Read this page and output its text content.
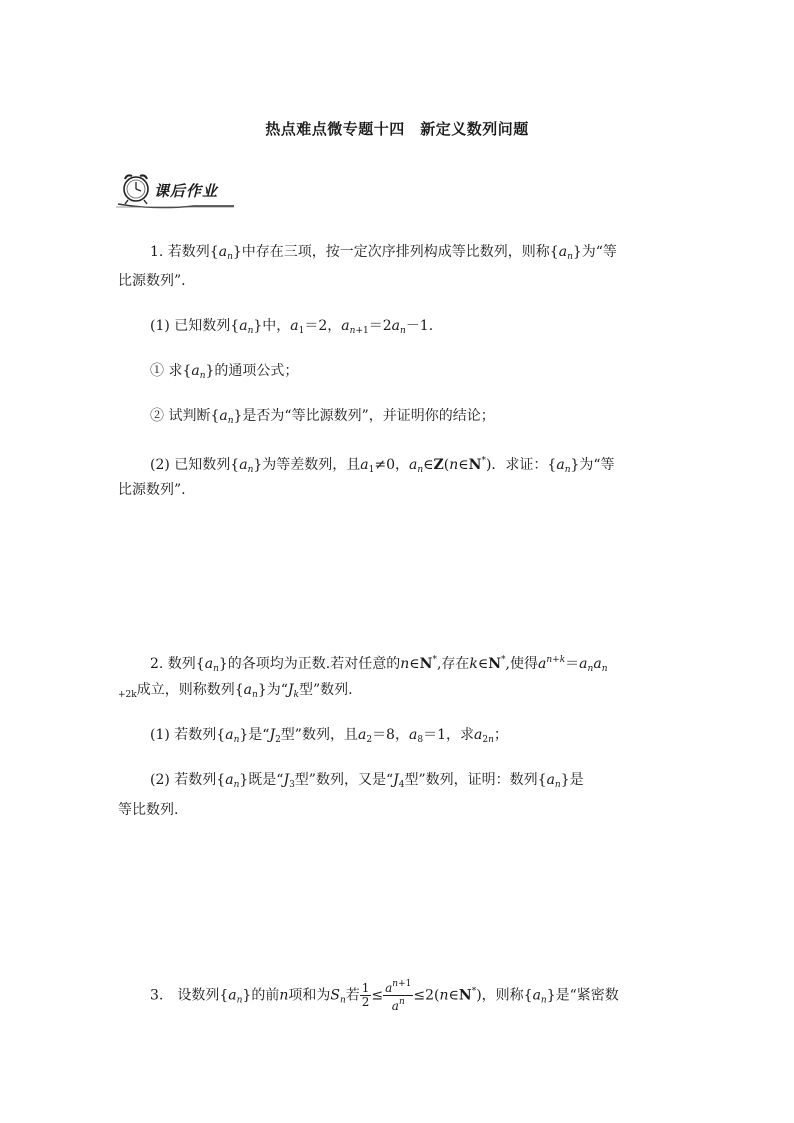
热点难点微专题十四　新定义数列问题
课后作业
1. 若数列$\{a_n\}$中存在三项，按一定次序排列构成等比数列，则称$\{a_n\}$为“等
比源数列”.
(1) 已知数列$\{a_n\}$中，$a_1=2$，$a_{n+1}=2a_n-1$.
① 求$\{a_n\}$的通项公式；
② 试判断$\{a_n\}$是否为“等比源数列”，并证明你的结论；
(2) 已知数列$\{a_n\}$为等差数列，且$a_1\ne 0$，$a_n\in Z(n\in N^*)$．求证：$\{a_n\}$为“等
比源数列”.
2. 数列$\{a_n\}$的各项均为正数.若对任意的n∈N*,存在k∈N*,使得$a^{n+k}=a_na_n$
$_{+2k}$成立，则称数列$\{a_n\}$为“$J_k$型”数列.
(1) 若数列$\{a_n\}$是“$J_2$型”数列，且$a_2=8$，$a_8=1$，求$a_{2n}$；
(2) 若数列$\{a_n\}$既是“$J_3$型”数列，又是“$J_4$型”数列，证明：数列$\{a_n\}$是
等比数列.
3.　设数列$\{a_n\}$的前n项和为$S_n$若 $\frac{1}{2} \le \frac{a^{n+1}}{a^n}$ ≤2(n∈N*)，则称$\{a_n\}$是“紧密数
